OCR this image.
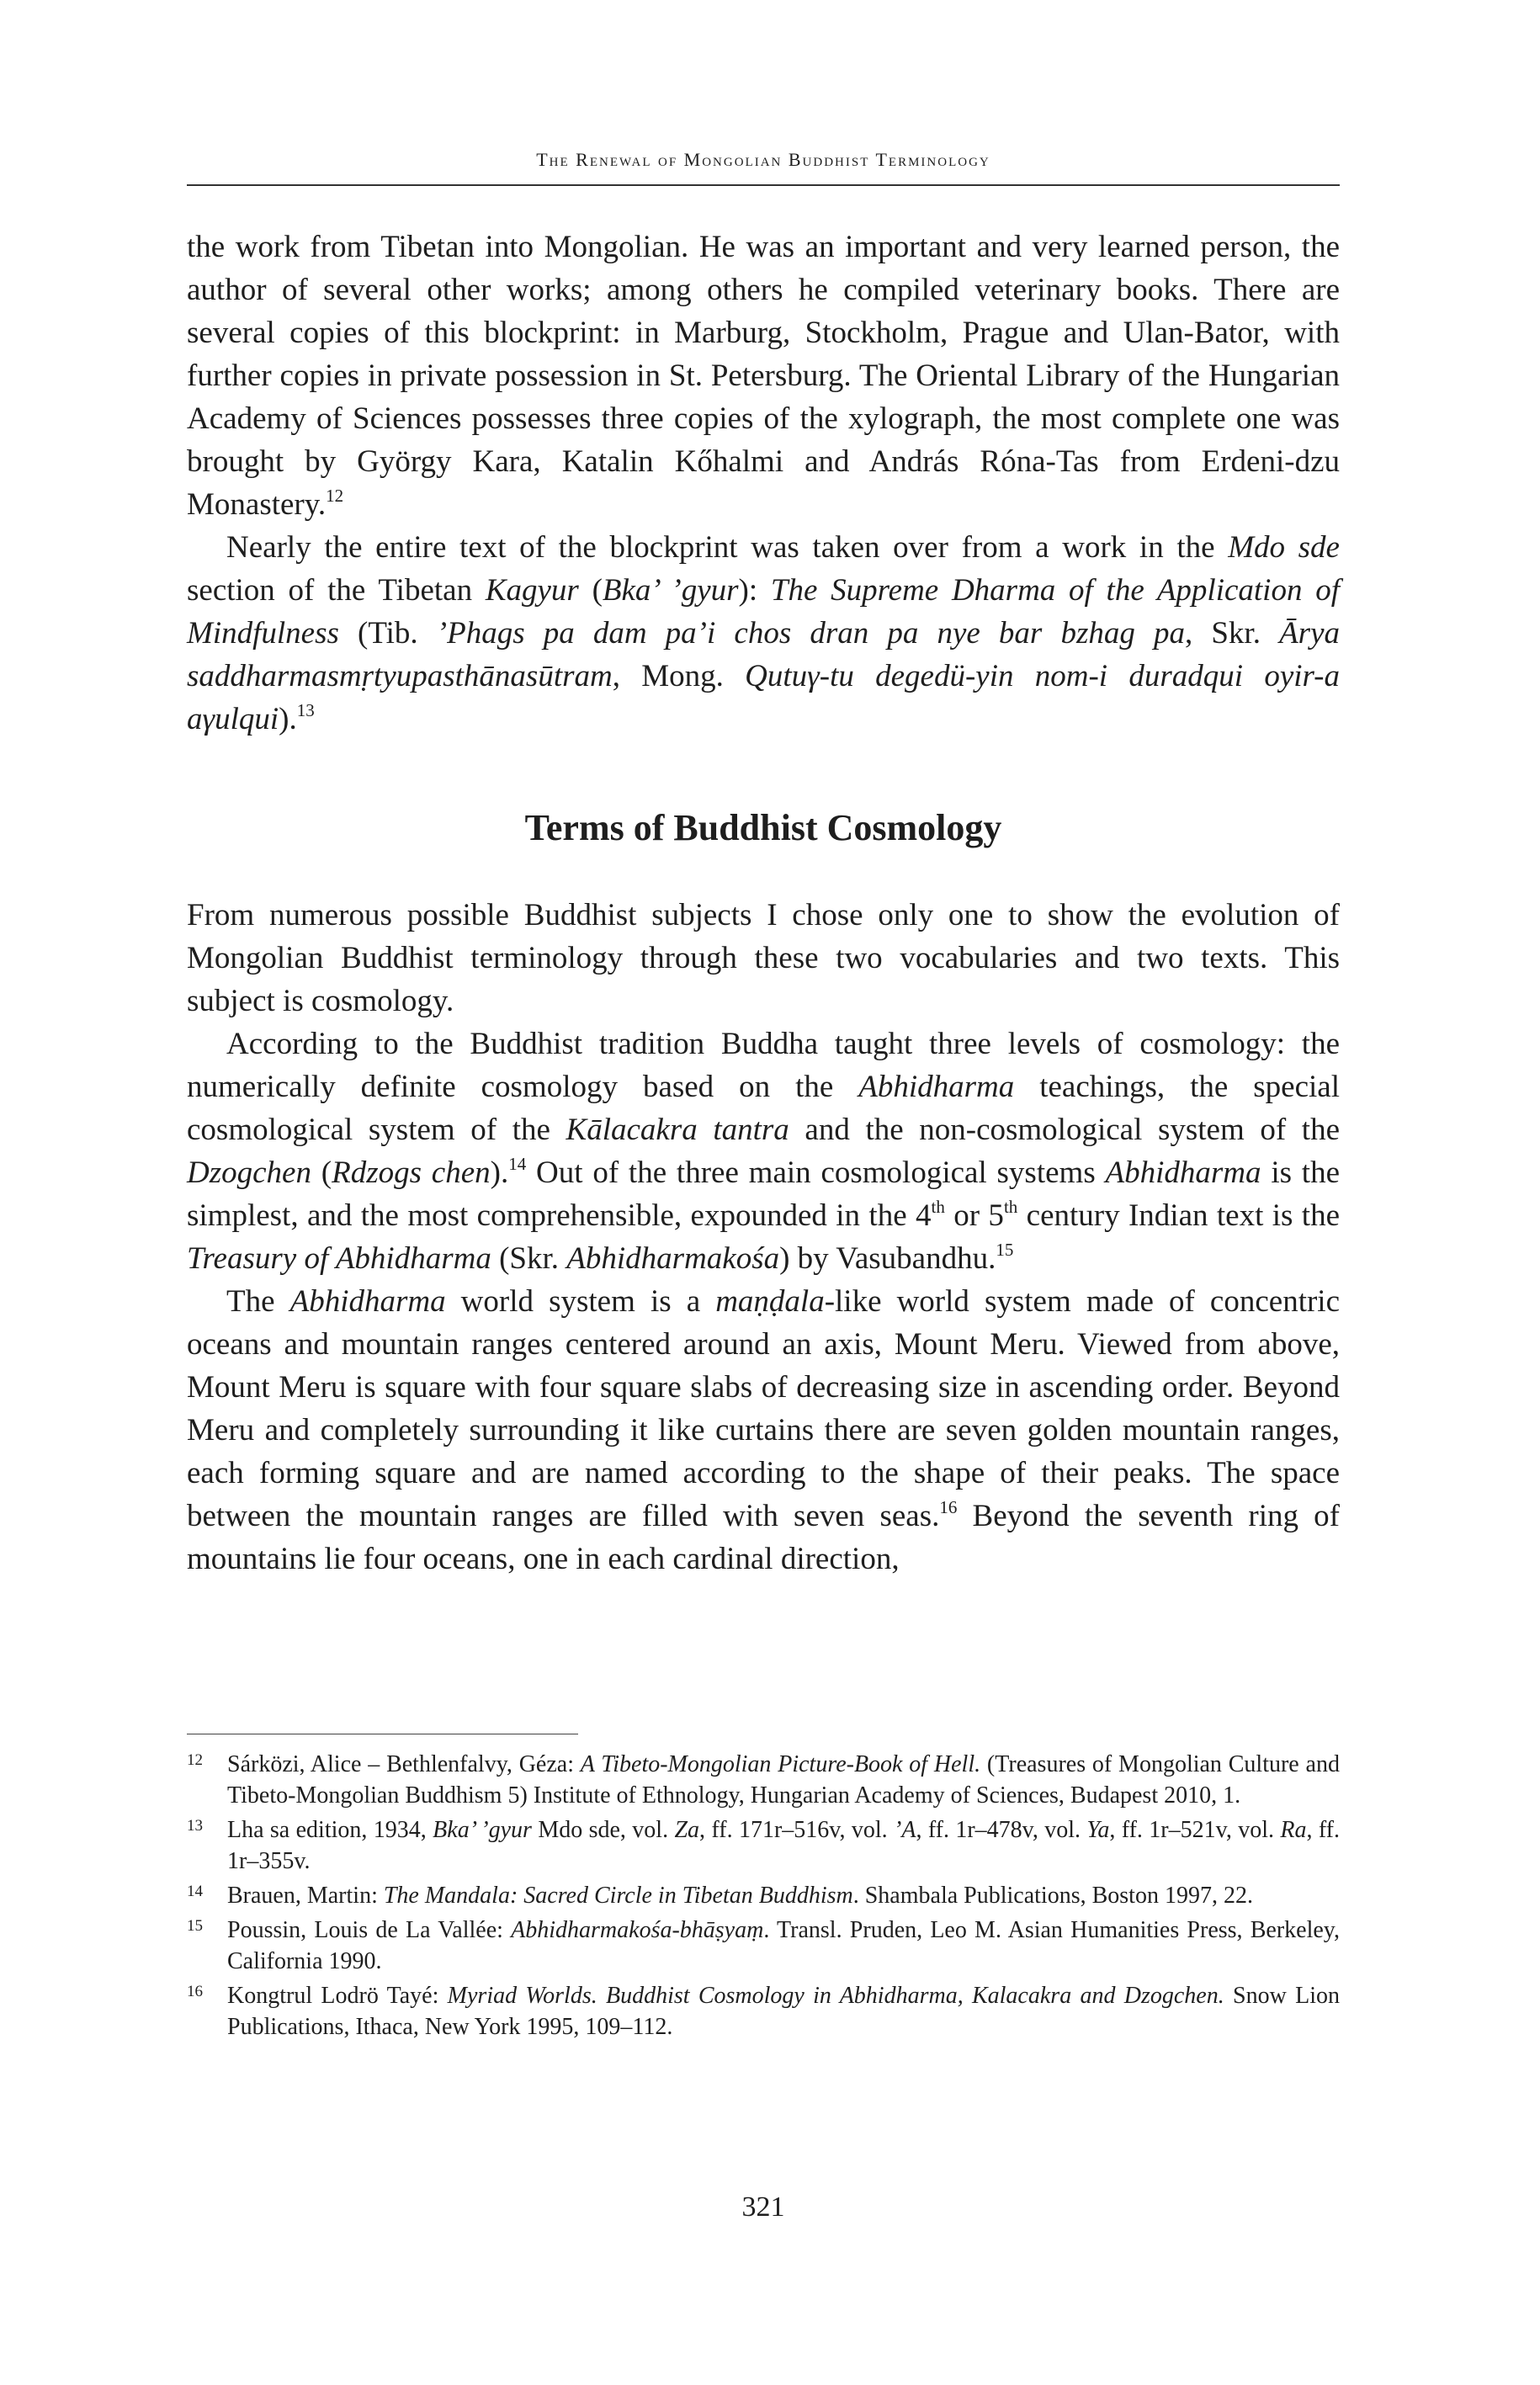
The Renewal of Mongolian Buddhist Terminology

the work from Tibetan into Mongolian. He was an important and very learned person, the author of several other works; among others he compiled veterinary books. There are several copies of this blockprint: in Marburg, Stockholm, Prague and Ulan-Bator, with further copies in private possession in St. Petersburg. The Oriental Library of the Hungarian Academy of Sciences possesses three copies of the xylograph, the most complete one was brought by György Kara, Katalin Kőhalmi and András Róna-Tas from Erdeni-dzu Monastery.$^{12}$

Nearly the entire text of the blockprint was taken over from a work in the Mdo sde section of the Tibetan Kagyur (Bka’ ’gyur): The Supreme Dharma of the Application of Mindfulness (Tib. ’Phags pa dam pa’i chos dran pa nye bar bzhag pa, Skr. Ārya saddharmasmṛtyupasthānasūtram, Mong. Qutuγ-tu degedü-yin nom-i duradqui oyir-a aγulqui).$^{13}$

Terms of Buddhist Cosmology

From numerous possible Buddhist subjects I chose only one to show the evolution of Mongolian Buddhist terminology through these two vocabularies and two texts. This subject is cosmology.

According to the Buddhist tradition Buddha taught three levels of cosmology: the numerically definite cosmology based on the Abhidharma teachings, the special cosmological system of the Kālacakra tantra and the non-cosmological system of the Dzogchen (Rdzogs chen).$^{14}$ Out of the three main cosmological systems Abhidharma is the simplest, and the most comprehensible, expounded in the 4th or 5th century Indian text is the Treasury of Abhidharma (Skr. Abhidharmakośa) by Vasubandhu.$^{15}$

The Abhidharma world system is a maṇḍala-like world system made of concentric oceans and mountain ranges centered around an axis, Mount Meru. Viewed from above, Mount Meru is square with four square slabs of decreasing size in ascending order. Beyond Meru and completely surrounding it like curtains there are seven golden mountain ranges, each forming square and are named according to the shape of their peaks. The space between the mountain ranges are filled with seven seas.$^{16}$ Beyond the seventh ring of mountains lie four oceans, one in each cardinal direction,

12 Sárközi, Alice – Bethlenfalvy, Géza: A Tibeto-Mongolian Picture-Book of Hell. (Treasures of Mongolian Culture and Tibeto-Mongolian Buddhism 5) Institute of Ethnology, Hungarian Academy of Sciences, Budapest 2010, 1.
13 Lha sa edition, 1934, Bka’ ’gyur Mdo sde, vol. Za, ff. 171r–516v, vol. ’A, ff. 1r–478v, vol. Ya, ff. 1r–521v, vol. Ra, ff. 1r–355v.
14 Brauen, Martin: The Mandala: Sacred Circle in Tibetan Buddhism. Shambala Publications, Boston 1997, 22.
15 Poussin, Louis de La Vallée: Abhidharmakośa-bhāṣyaṃ. Transl. Pruden, Leo M. Asian Humanities Press, Berkeley, California 1990.
16 Kongtrul Lodrö Tayé: Myriad Worlds. Buddhist Cosmology in Abhidharma, Kalacakra and Dzogchen. Snow Lion Publications, Ithaca, New York 1995, 109–112.
321
